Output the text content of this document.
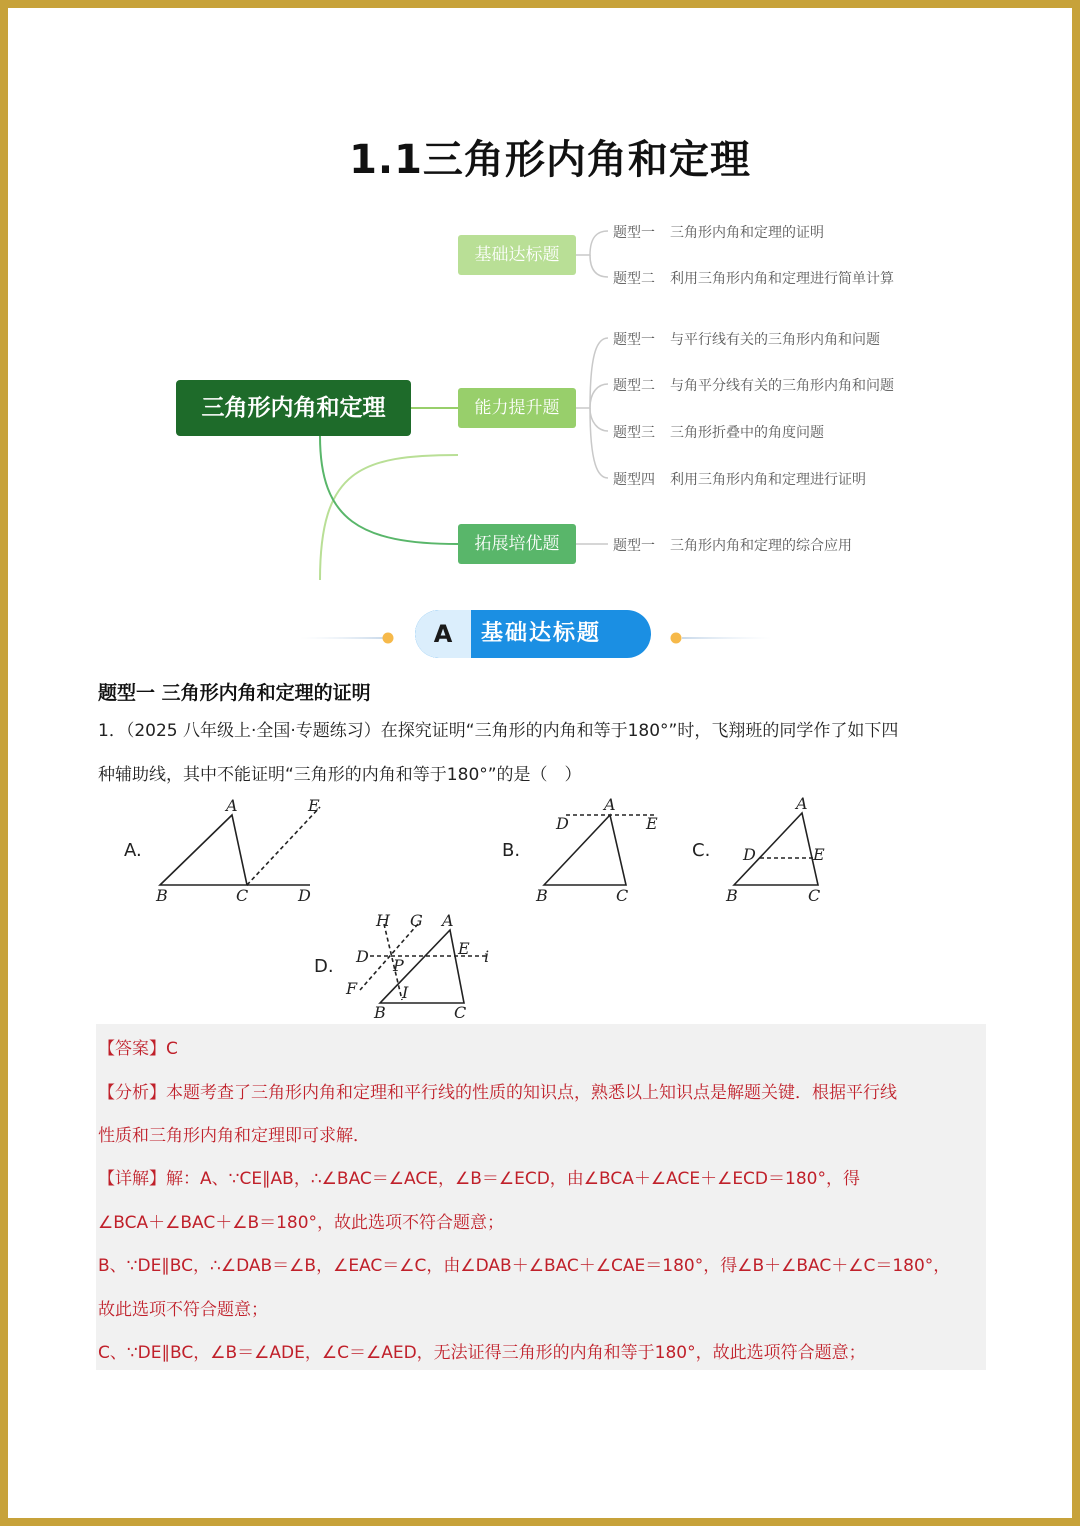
1.1三角形内角和定理
三角形内角和定理
基础达标题
能力提升题
拓展培优题
题型一 三角形内角和定理的证明
题型二 利用三角形内角和定理进行简单计算
题型一 与平行线有关的三角形内角和问题
题型二 与角平分线有关的三角形内角和问题
题型三 三角形折叠中的角度问题
题型四 利用三角形内角和定理进行证明
题型一 三角形内角和定理的综合应用
A	基础达标题
题型一 三角形内角和定理的证明
1．（2025 八年级上·全国·专题练习）在探究证明“三角形的内角和等于180°”时，飞翔班的同学作了如下四
种辅助线，其中不能证明“三角形的内角和等于180°”的是（　）
A.
A	E
B	C	D
B.
A
D	E
B	C
C.
A
D	E
B	C
D.
H G A
E
D P	i
F	I
B	C
【答案】C
【分析】本题考查了三角形内角和定理和平行线的性质的知识点，熟悉以上知识点是解题关键．根据平行线
性质和三角形内角和定理即可求解．
【详解】解：A、∵CE∥AB，∴∠BAC＝∠ACE，∠B＝∠ECD，由∠BCA＋∠ACE＋∠ECD＝180°，得
∠BCA＋∠BAC＋∠B＝180°，故此选项不符合题意；
B、∵DE∥BC，∴∠DAB＝∠B，∠EAC＝∠C，由∠DAB＋∠BAC＋∠CAE＝180°，得∠B＋∠BAC＋∠C＝180°，
故此选项不符合题意；
C、∵DE∥BC，∠B＝∠ADE，∠C＝∠AED，无法证得三角形的内角和等于180°，故此选项符合题意；
